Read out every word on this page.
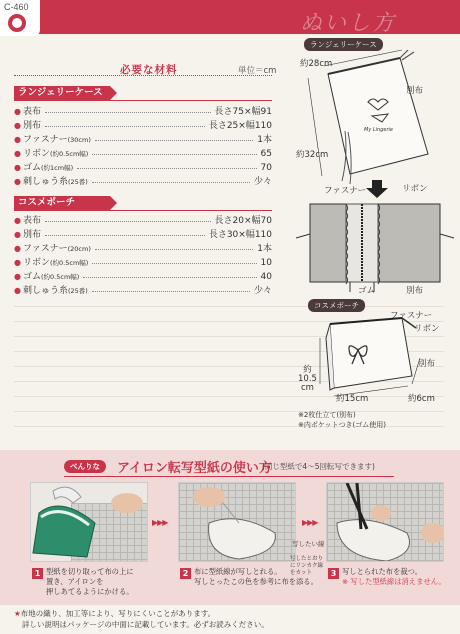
ぬいし方
C-460
必要な材料	単位＝cm
ランジェリーケース
● 表布	長さ75×幅91
● 別布	長さ25×幅110
● ファスナー(30cm)	1本
● リボン(約0.5cm幅)	65
● ゴム(約1cm幅)	70
● 刺しゅう糸(25番)	少々
コスメポーチ
● 表布	長さ20×幅70
● 別布	長さ30×幅110
● ファスナー(20cm)	1本
● リボン(約0.5cm幅)	10
● ゴム(約0.5cm幅)	40
● 刺しゅう糸(25番)	少々
ランジェリーケース
約28cm
別布
My Lingerie
約32cm
ファスナー	リボン
ゴム	別布
コスメポーチ
ファスナー
リボン
別布
約
10.5
cm
約15cm	約6cm
※2枚仕立て(別布)
※内ポケットつき(ゴム使用)
べんりな	アイロン転写型紙の使い方
(同じ型紙で4〜5回転写できます)
▶▶▶
写したい線
▶▶▶
写したとおりにリンカク線をカット
1 型紙を切り取って布の上に
置き、アイロンを
押しあてるようにかける。
2 布に型紙線が写しとれる。
写しとったこの色を参考に布を添る。
3 写しとられた布を裁つ。
※ 写した型紙線は消えません。
★布地の織り、加工等により、写りにくいことがあります。
詳しい説明はパッケージの中面に記載しています。必ずお読みください。
